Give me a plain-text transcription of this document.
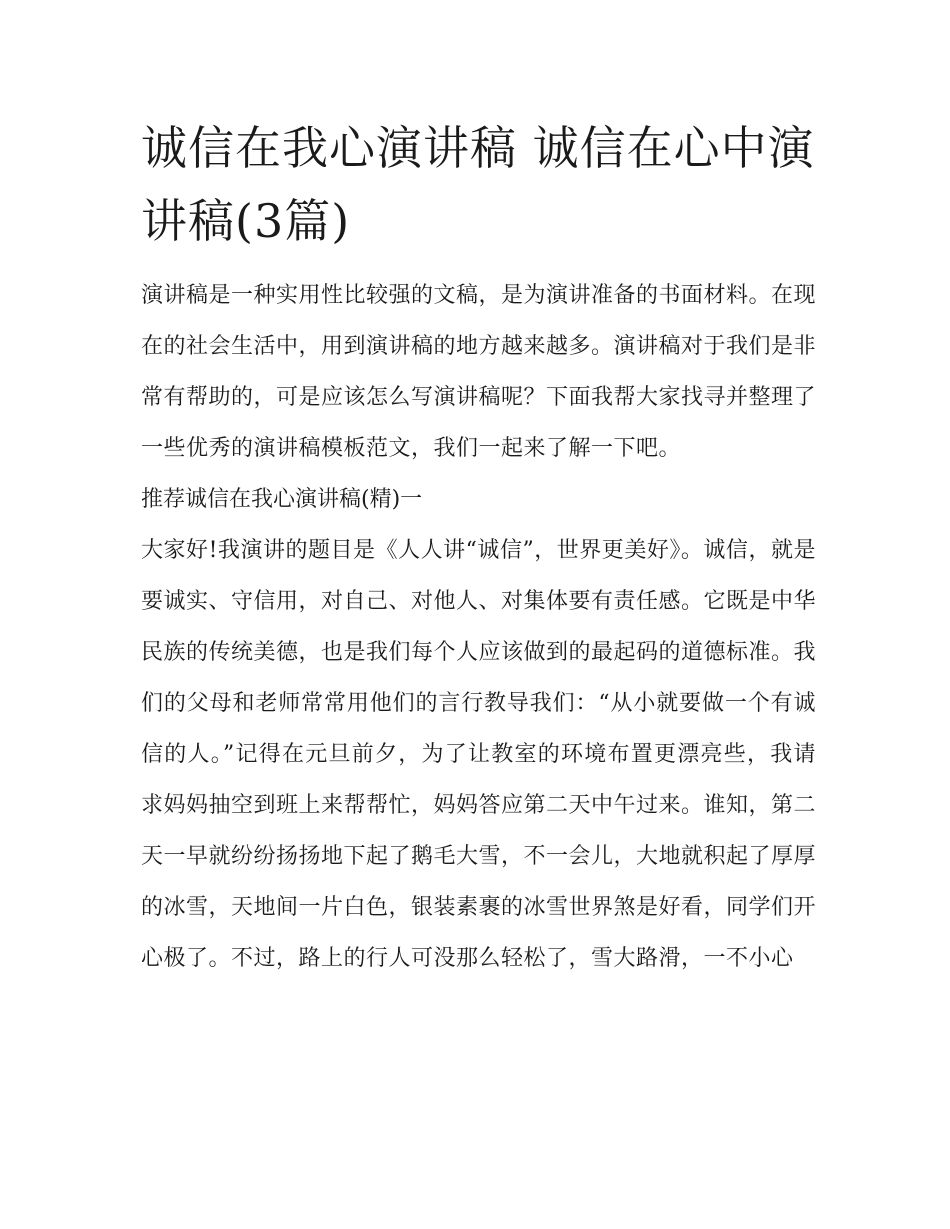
诚信在我心演讲稿 诚信在心中演讲稿(3篇)

演讲稿是一种实用性比较强的文稿，是为演讲准备的书面材料。在现在的社会生活中，用到演讲稿的地方越来越多。演讲稿对于我们是非常有帮助的，可是应该怎么写演讲稿呢？下面我帮大家找寻并整理了一些优秀的演讲稿模板范文，我们一起来了解一下吧。

推荐诚信在我心演讲稿(精)一

大家好!我演讲的题目是《人人讲“诚信”，世界更美好》。诚信，就是要诚实、守信用，对自己、对他人、对集体要有责任感。它既是中华民族的传统美德，也是我们每个人应该做到的最起码的道德标准。我们的父母和老师常常用他们的言行教导我们：“从小就要做一个有诚信的人。”记得在元旦前夕，为了让教室的环境布置更漂亮些，我请求妈妈抽空到班上来帮帮忙，妈妈答应第二天中午过来。谁知，第二天一早就纷纷扬扬地下起了鹅毛大雪，不一会儿，大地就积起了厚厚的冰雪，天地间一片白色，银装素裹的冰雪世界煞是好看，同学们开心极了。不过，路上的行人可没那么轻松了，雪大路滑，一不小心
